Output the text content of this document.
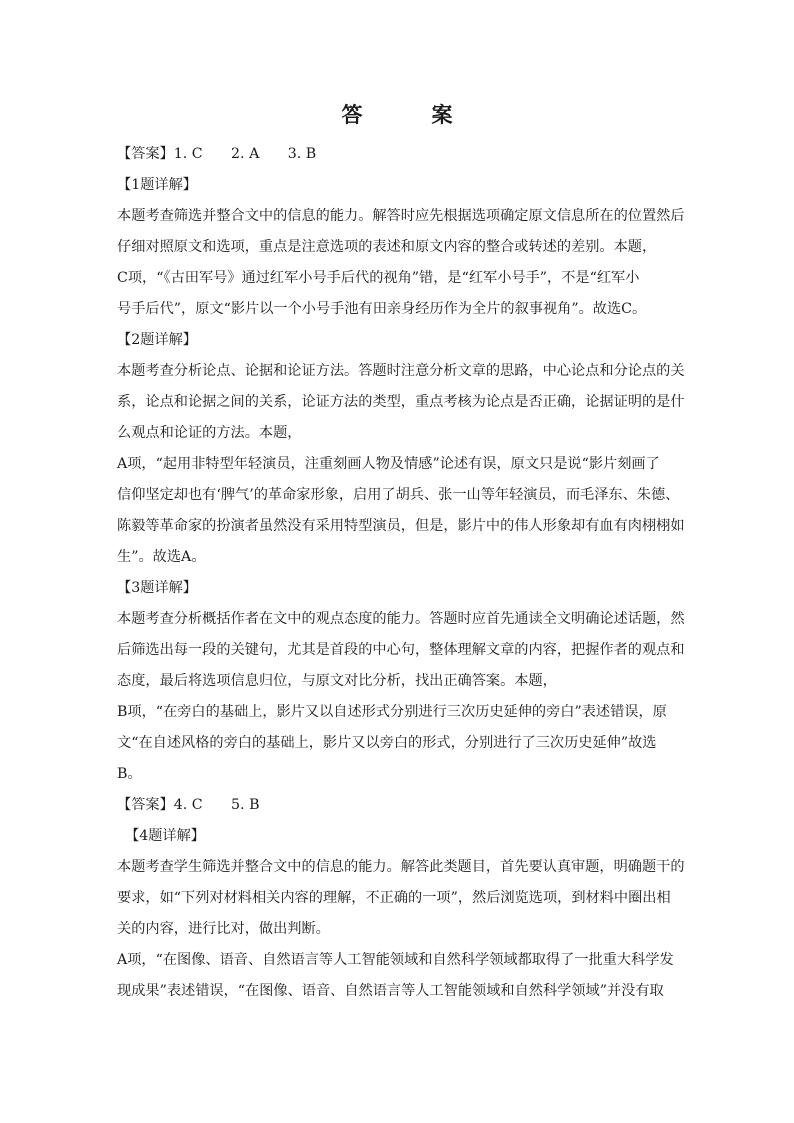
答　案
【答案】1. C　　2. A　　3. B
【1题详解】
本题考查筛选并整合文中的信息的能力。解答时应先根据选项确定原文信息所在的位置然后
仔细对照原文和选项，重点是注意选项的表述和原文内容的整合或转述的差别。本题，
C项，“《古田军号》通过红军小号手后代的视角”错，是“红军小号手”，不是“红军小
号手后代”，原文“影片以一个小号手池有田亲身经历作为全片的叙事视角”。故选C。
【2题详解】
本题考查分析论点、论据和论证方法。答题时注意分析文章的思路，中心论点和分论点的关
系，论点和论据之间的关系，论证方法的类型，重点考核为论点是否正确，论据证明的是什
么观点和论证的方法。本题，
A项，“起用非特型年轻演员，注重刻画人物及情感”论述有误，原文只是说“影片刻画了
信仰坚定却也有‘脾气’的革命家形象，启用了胡兵、张一山等年轻演员，而毛泽东、朱德、
陈毅等革命家的扮演者虽然没有采用特型演员，但是，影片中的伟人形象却有血有肉栩栩如
生”。故选A。
【3题详解】
本题考查分析概括作者在文中的观点态度的能力。答题时应首先通读全文明确论述话题，然
后筛选出每一段的关键句，尤其是首段的中心句，整体理解文章的内容，把握作者的观点和
态度，最后将选项信息归位，与原文对比分析，找出正确答案。本题，
B项，“在旁白的基础上，影片又以自述形式分别进行三次历史延伸的旁白”表述错误，原
文“在自述风格的旁白的基础上，影片又以旁白的形式，分别进行了三次历史延伸”故选
B。
【答案】4. C　　5. B
【4题详解】
本题考查学生筛选并整合文中的信息的能力。解答此类题目，首先要认真审题，明确题干的
要求，如“下列对材料相关内容的理解，不正确的一项”，然后浏览选项，到材料中圈出相
关的内容，进行比对，做出判断。
A项，“在图像、语音、自然语言等人工智能领域和自然科学领域都取得了一批重大科学发
现成果”表述错误，“在图像、语音、自然语言等人工智能领域和自然科学领域”并没有取
